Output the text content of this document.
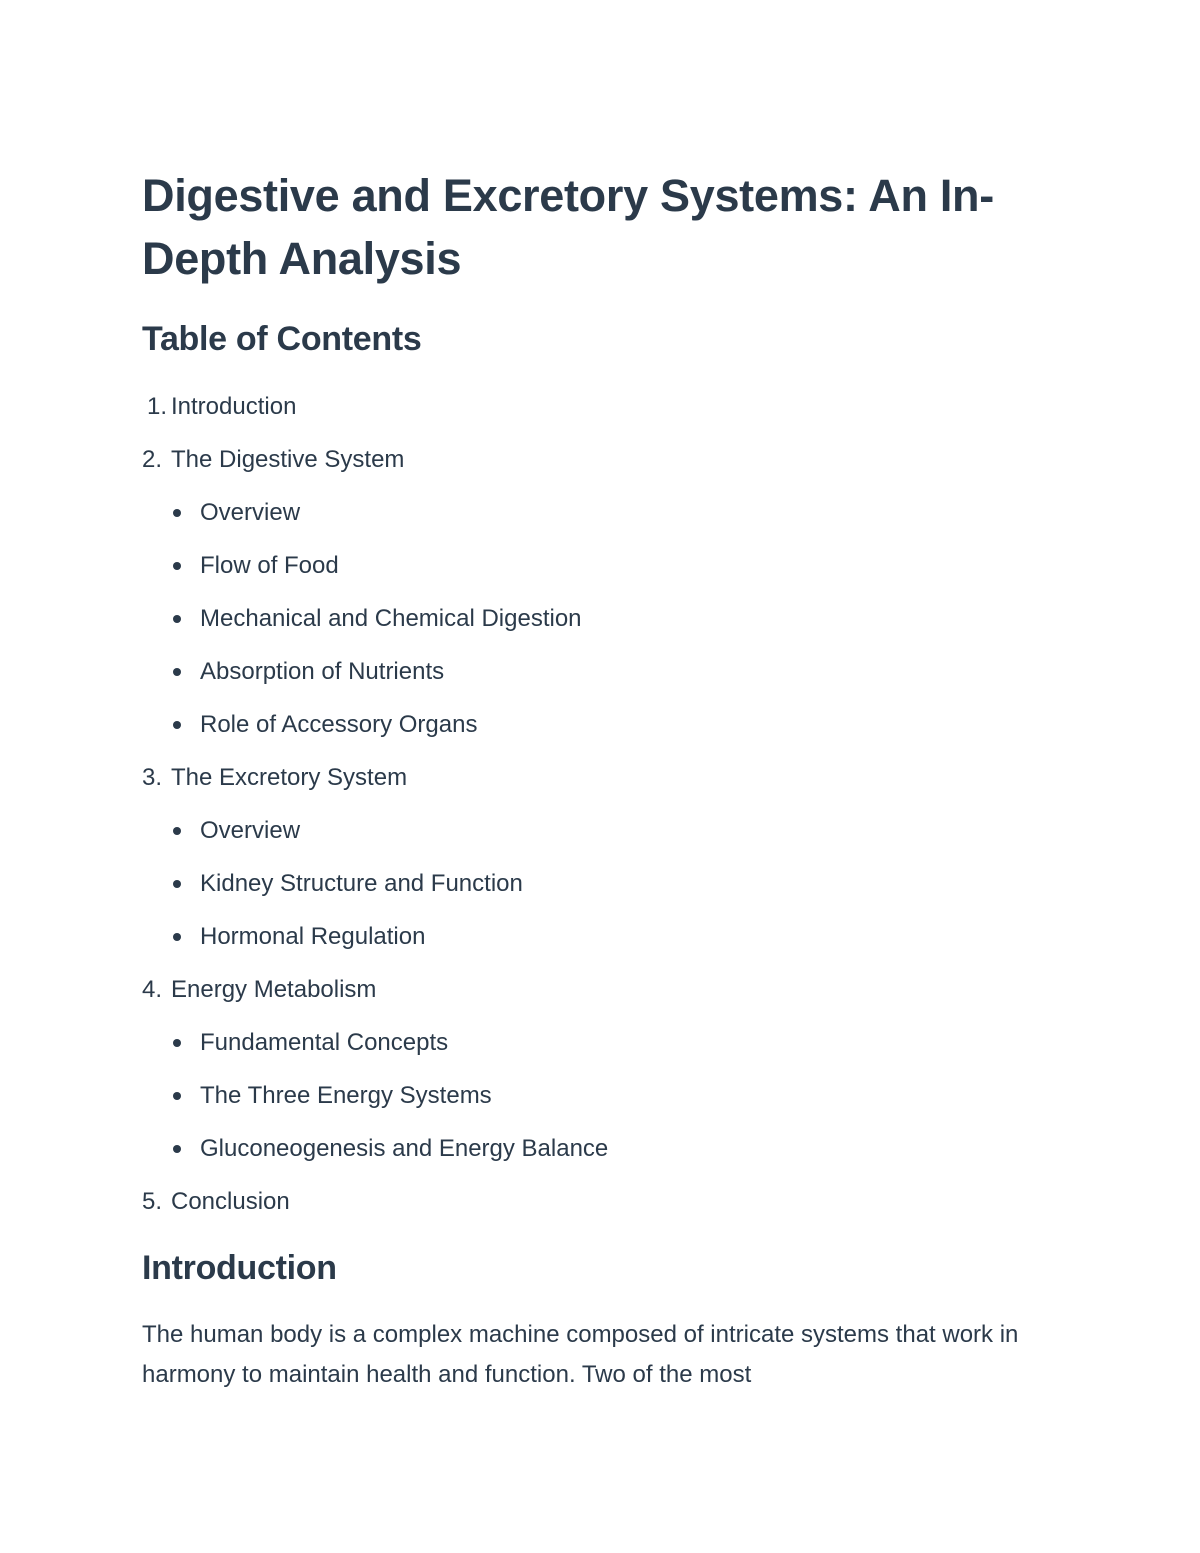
Digestive and Excretory Systems: An In-Depth Analysis
Table of Contents
1. Introduction
2. The Digestive System
Overview
Flow of Food
Mechanical and Chemical Digestion
Absorption of Nutrients
Role of Accessory Organs
3. The Excretory System
Overview
Kidney Structure and Function
Hormonal Regulation
4. Energy Metabolism
Fundamental Concepts
The Three Energy Systems
Gluconeogenesis and Energy Balance
5. Conclusion
Introduction

The human body is a complex machine composed of intricate systems that work in harmony to maintain health and function. Two of the most
